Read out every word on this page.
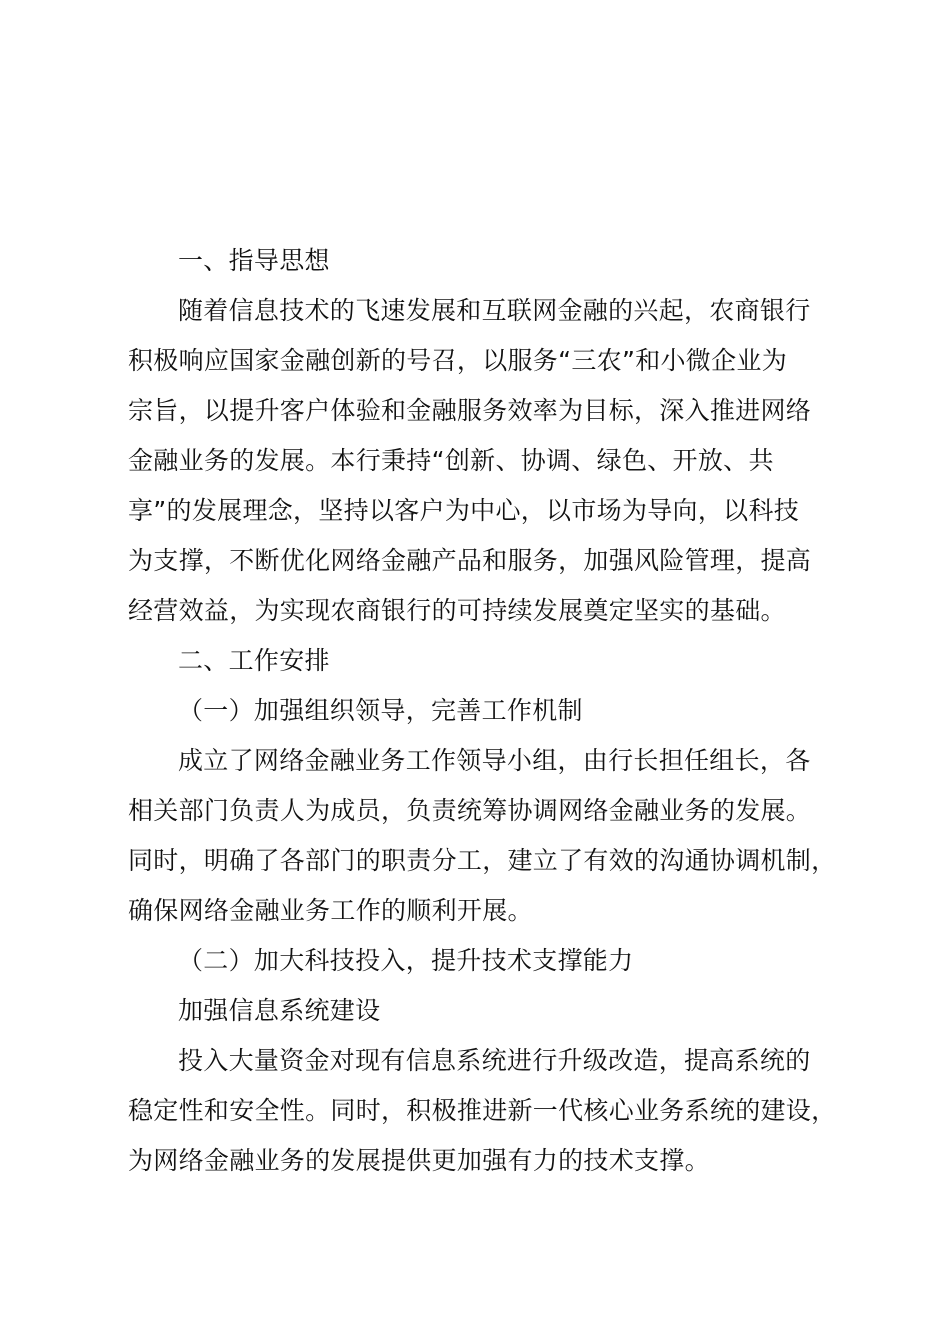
一、指导思想
随着信息技术的飞速发展和互联网金融的兴起，农商银行
积极响应国家金融创新的号召，以服务“三农”和小微企业为
宗旨，以提升客户体验和金融服务效率为目标，深入推进网络
金融业务的发展。本行秉持“创新、协调、绿色、开放、共
享”的发展理念，坚持以客户为中心，以市场为导向，以科技
为支撑，不断优化网络金融产品和服务，加强风险管理，提高
经营效益，为实现农商银行的可持续发展奠定坚实的基础。
二、工作安排
（一）加强组织领导，完善工作机制
成立了网络金融业务工作领导小组，由行长担任组长，各
相关部门负责人为成员，负责统筹协调网络金融业务的发展。
同时，明确了各部门的职责分工，建立了有效的沟通协调机制，
确保网络金融业务工作的顺利开展。
（二）加大科技投入，提升技术支撑能力
加强信息系统建设
投入大量资金对现有信息系统进行升级改造，提高系统的
稳定性和安全性。同时，积极推进新一代核心业务系统的建设，
为网络金融业务的发展提供更加强有力的技术支撑。
